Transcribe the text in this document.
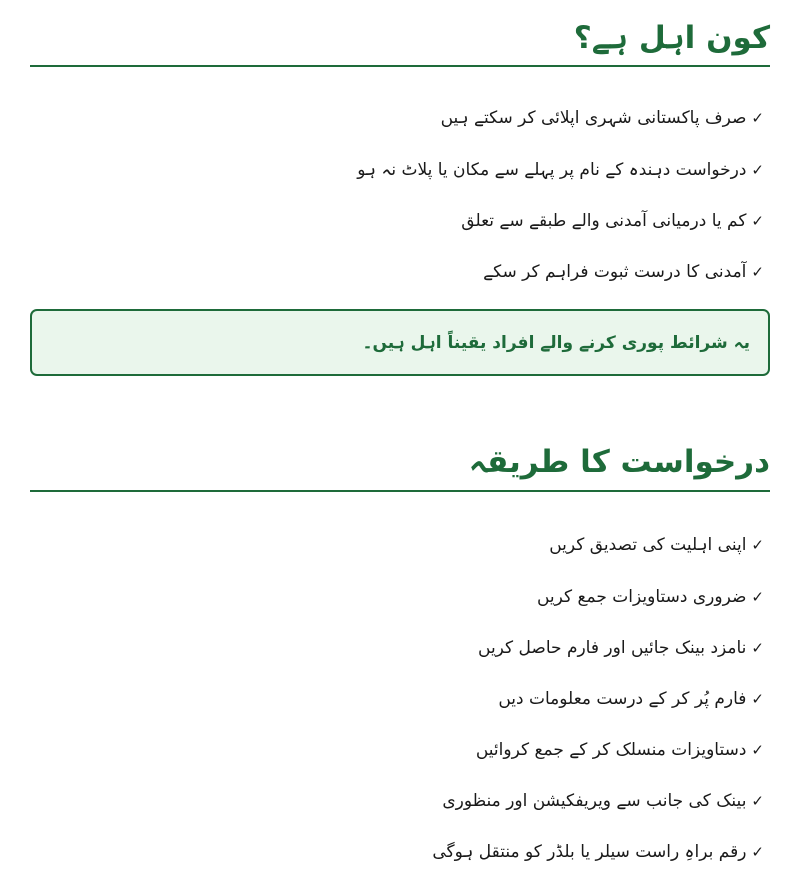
کون اہل ہے؟
✓
صرف پاکستانی شہری اپلائی کر سکتے ہیں
✓
درخواست دہندہ کے نام پر پہلے سے مکان یا پلاٹ نہ ہو
✓
کم یا درمیانی آمدنی والے طبقے سے تعلق
✓
آمدنی کا درست ثبوت فراہم کر سکے
یہ شرائط پوری کرنے والے افراد یقیناً اہل ہیں۔
درخواست کا طریقہ
✓
اپنی اہلیت کی تصدیق کریں
✓
ضروری دستاویزات جمع کریں
✓
نامزد بینک جائیں اور فارم حاصل کریں
✓
فارم پُر کر کے درست معلومات دیں
✓
دستاویزات منسلک کر کے جمع کروائیں
✓
بینک کی جانب سے ویریفکیشن اور منظوری
✓
رقم براہِ راست سیلر یا بلڈر کو منتقل ہوگی
